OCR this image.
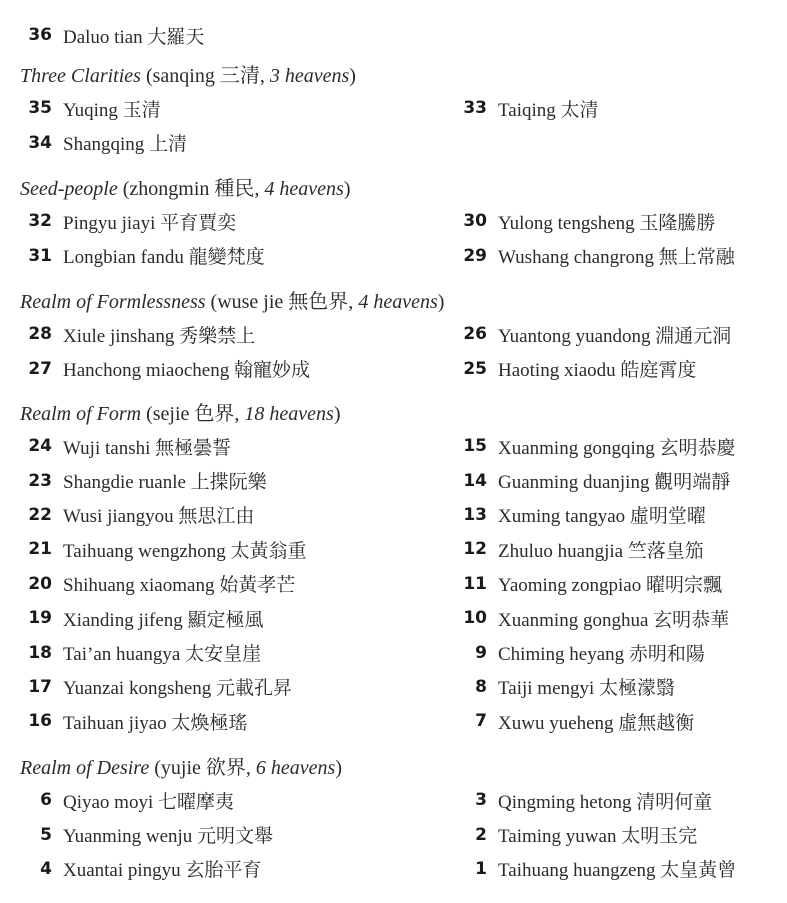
36 Daluo tian 大羅天
Three Clarities (sanqing 三清, 3 heavens)
35 Yuqing 玉清	33 Taiqing 太清
34 Shangqing 上清
Seed-people (zhongmin 種民, 4 heavens)
32 Pingyu jiayi 平育賈奕	30 Yulong tengsheng 玉隆騰勝
31 Longbian fandu 龍變梵度	29 Wushang changrong 無上常融
Realm of Formlessness (wuse jie 無色界, 4 heavens)
28 Xiule jinshang 秀樂禁上	26 Yuantong yuandong 淵通元洞
27 Hanchong miaocheng 翰寵妙成	25 Haoting xiaodu 皓庭霄度
Realm of Form (sejie 色界, 18 heavens)
24 Wuji tanshi 無極曇誓	15 Xuanming gongqing 玄明恭慶
23 Shangdie ruanle 上揲阮樂	14 Guanming duanjing 觀明端靜
22 Wusi jiangyou 無思江由	13 Xuming tangyao 虛明堂曜
21 Taihuang wengzhong 太黃翁重	12 Zhuluo huangjia 竺落皇笳
20 Shihuang xiaomang 始黃孝芒	11 Yaoming zongpiao 曜明宗飄
19 Xianding jifeng 顯定極風	10 Xuanming gonghua 玄明恭華
18 Tai’an huangya 太安皇崖	9 Chiming heyang 赤明和陽
17 Yuanzai kongsheng 元載孔昇	8 Taiji mengyi 太極濛翳
16 Taihuan jiyao 太煥極瑤	7 Xuwu yueheng 虛無越衡
Realm of Desire (yujie 欲界, 6 heavens)
6 Qiyao moyi 七曜摩夷	3 Qingming hetong 清明何童
5 Yuanming wenju 元明文舉	2 Taiming yuwan 太明玉完
4 Xuantai pingyu 玄胎平育	1 Taihuang huangzeng 太皇黃曾
